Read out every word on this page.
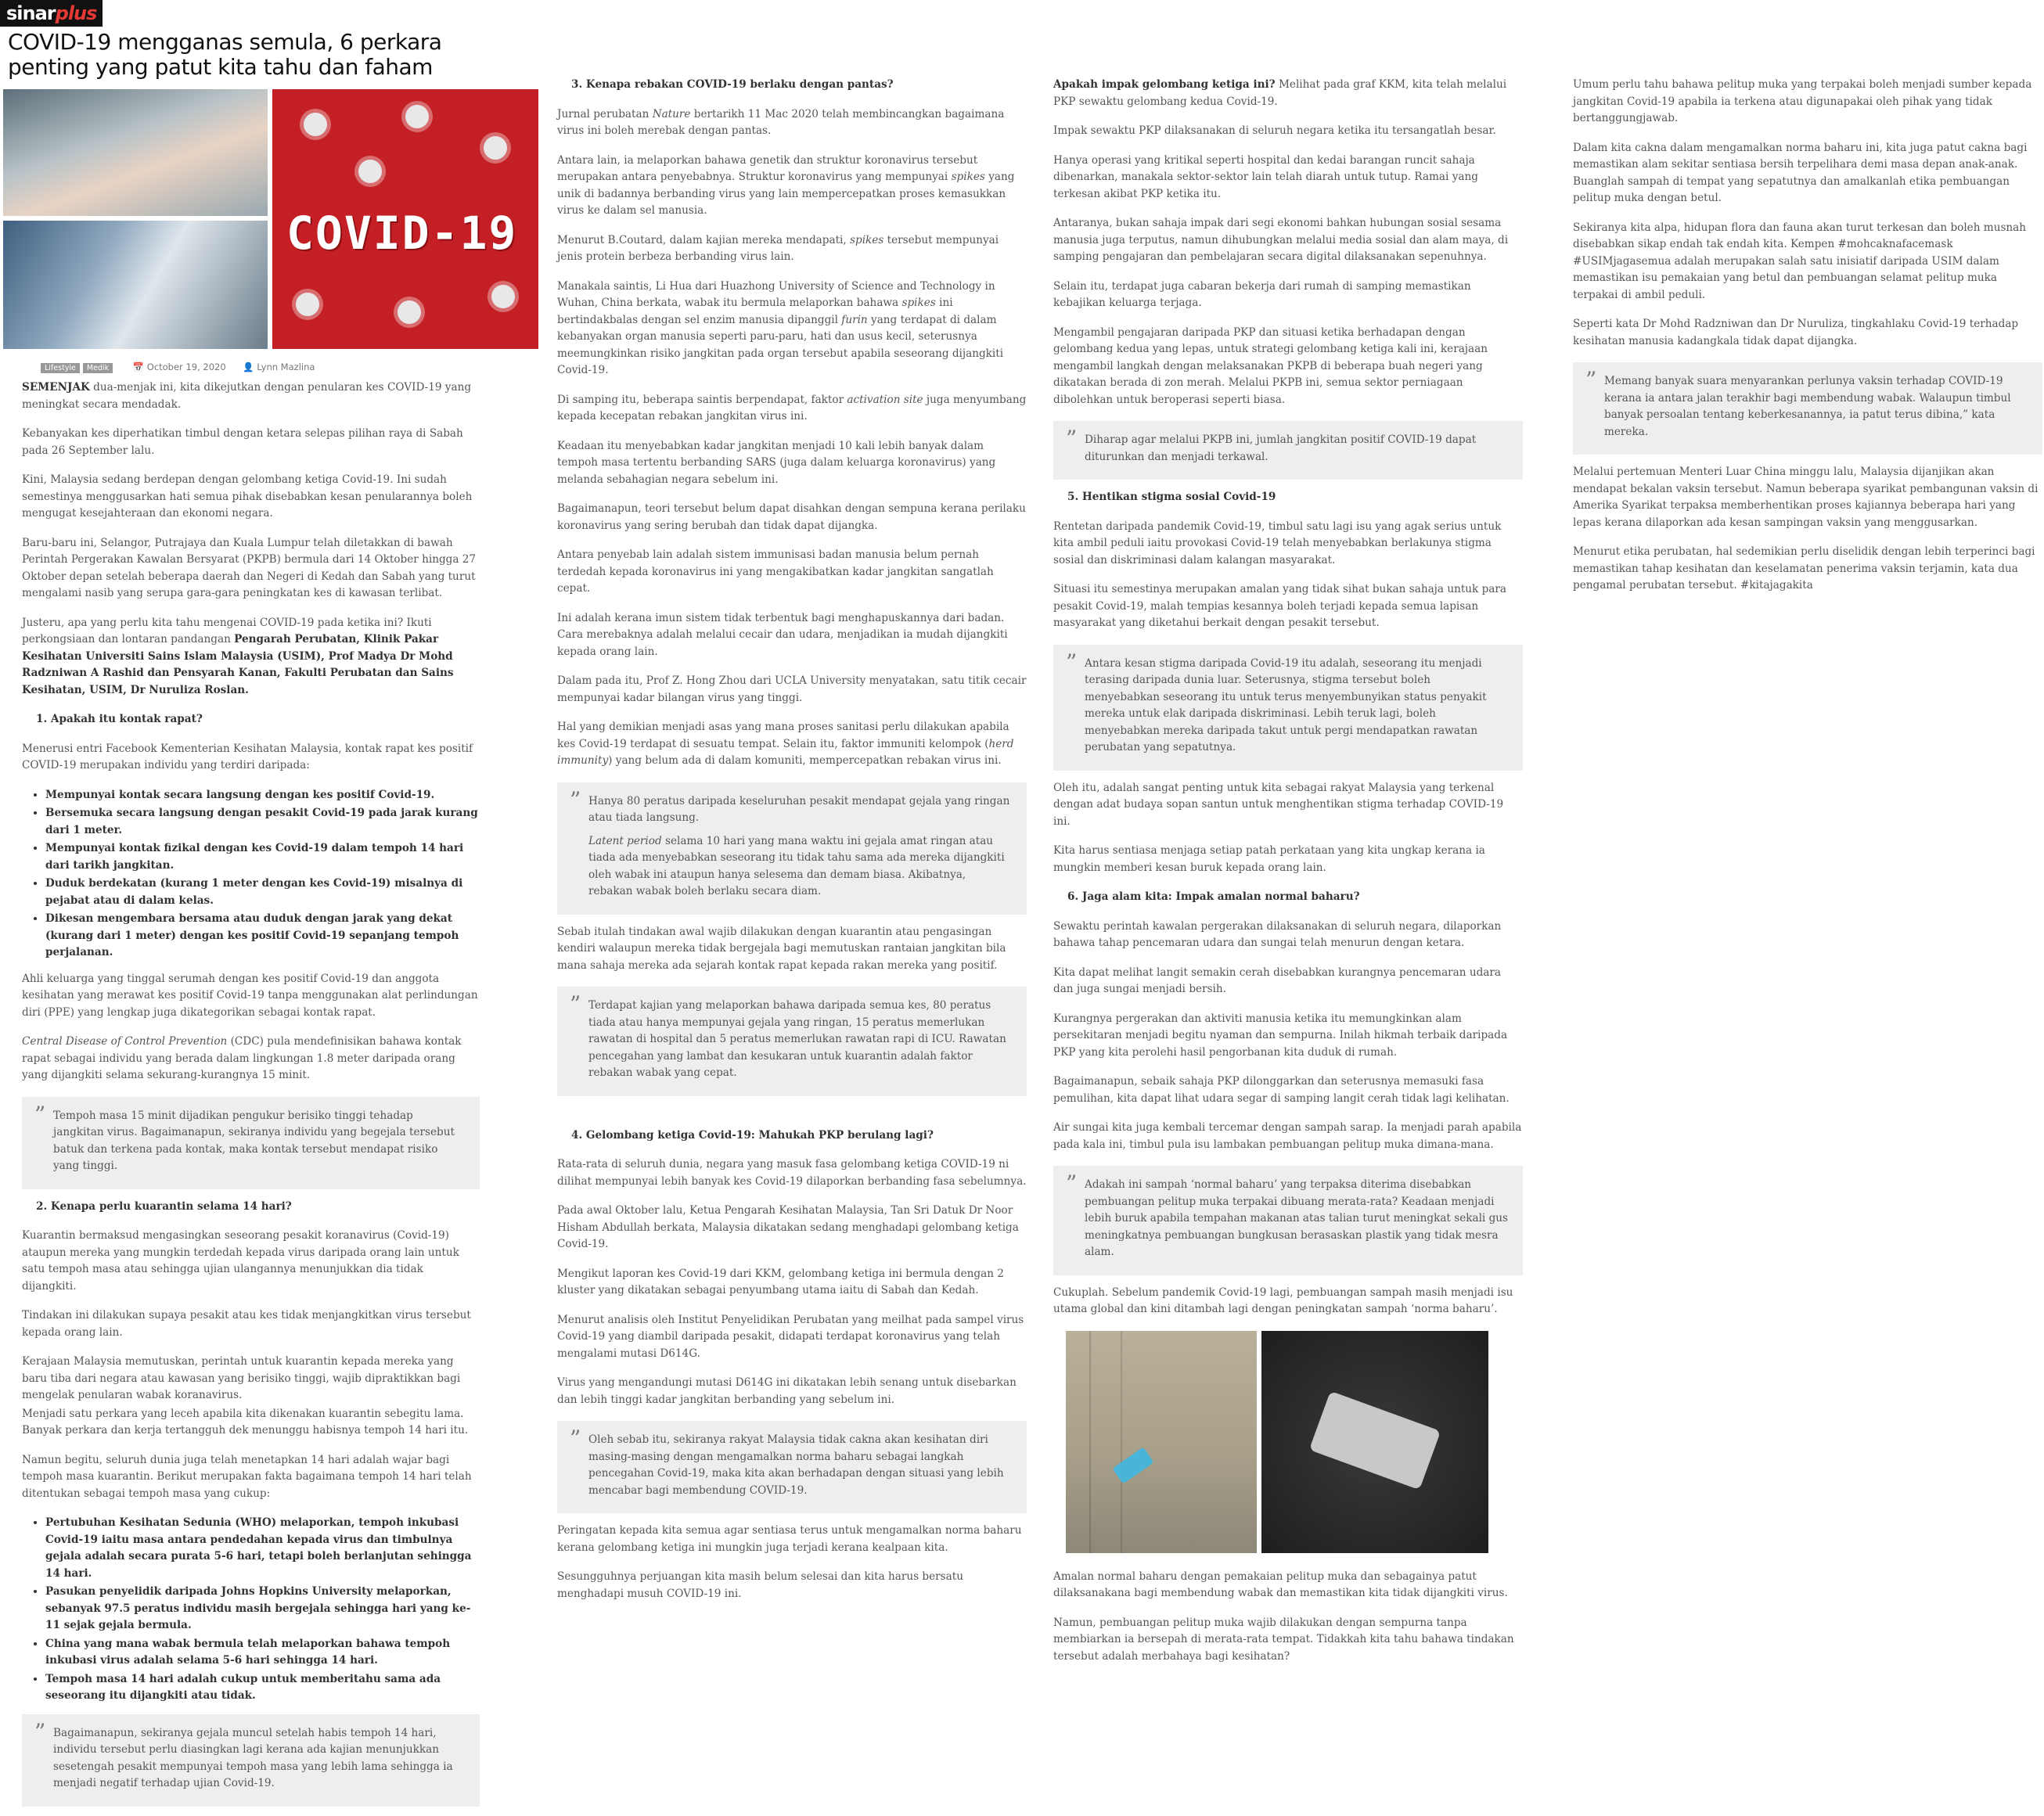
sinarplus
COVID-19 mengganas semula, 6 perkara penting yang patut kita tahu dan faham
COVID-19
Lifestyle Medik	📅 October 19, 2020 👤 Lynn Mazlina

SEMENJAK dua-menjak ini, kita dikejutkan dengan penularan kes COVID-19 yang meningkat secara mendadak.

Kebanyakan kes diperhatikan timbul dengan ketara selepas pilihan raya di Sabah pada 26 September lalu.

Kini, Malaysia sedang berdepan dengan gelombang ketiga Covid-19. Ini sudah semestinya menggusarkan hati semua pihak disebabkan kesan penularannya boleh mengugat kesejahteraan dan ekonomi negara.

Baru-baru ini, Selangor, Putrajaya dan Kuala Lumpur telah diletakkan di bawah Perintah Pergerakan Kawalan Bersyarat (PKPB) bermula dari 14 Oktober hingga 27 Oktober depan setelah beberapa daerah dan Negeri di Kedah dan Sabah yang turut mengalami nasib yang serupa gara-gara peningkatan kes di kawasan terlibat.

Justeru, apa yang perlu kita tahu mengenai COVID-19 pada ketika ini? Ikuti perkongsiaan dan lontaran pandangan Pengarah Perubatan, Klinik Pakar Kesihatan Universiti Sains Islam Malaysia (USIM), Prof Madya Dr Mohd Radzniwan A Rashid dan Pensyarah Kanan, Fakulti Perubatan dan Sains Kesihatan, USIM, Dr Nuruliza Roslan.

1. Apakah itu kontak rapat?

Menerusi entri Facebook Kementerian Kesihatan Malaysia, kontak rapat kes positif COVID-19 merupakan individu yang terdiri daripada:

• Mempunyai kontak secara langsung dengan kes positif Covid-19.
• Bersemuka secara langsung dengan pesakit Covid-19 pada jarak kurang dari 1 meter.
• Mempunyai kontak fizikal dengan kes Covid-19 dalam tempoh 14 hari dari tarikh jangkitan.
• Duduk berdekatan (kurang 1 meter dengan kes Covid-19) misalnya di pejabat atau di dalam kelas.
• Dikesan mengembara bersama atau duduk dengan jarak yang dekat (kurang dari 1 meter) dengan kes positif Covid-19 sepanjang tempoh perjalanan.

Ahli keluarga yang tinggal serumah dengan kes positif Covid-19 dan anggota kesihatan yang merawat kes positif Covid-19 tanpa menggunakan alat perlindungan diri (PPE) yang lengkap juga dikategorikan sebagai kontak rapat.

Central Disease of Control Prevention (CDC) pula mendefinisikan bahawa kontak rapat sebagai individu yang berada dalam lingkungan 1.8 meter daripada orang yang dijangkiti selama sekurang-kurangnya 15 minit.

” Tempoh masa 15 minit dijadikan pengukur berisiko tinggi tehadap jangkitan virus. Bagaimanapun, sekiranya individu yang begejala tersebut batuk dan terkena pada kontak, maka kontak tersebut mendapat risiko yang tinggi.

2. Kenapa perlu kuarantin selama 14 hari?

Kuarantin bermaksud mengasingkan seseorang pesakit koranavirus (Covid-19) ataupun mereka yang mungkin terdedah kepada virus daripada orang lain untuk satu tempoh masa atau sehingga ujian ulangannya menunjukkan dia tidak dijangkiti.

Tindakan ini dilakukan supaya pesakit atau kes tidak menjangkitkan virus tersebut kepada orang lain.

Kerajaan Malaysia memutuskan, perintah untuk kuarantin kepada mereka yang baru tiba dari negara atau kawasan yang berisiko tinggi, wajib dipraktikkan bagi mengelak penularan wabak koranavirus.

Menjadi satu perkara yang leceh apabila kita dikenakan kuarantin sebegitu lama. Banyak perkara dan kerja tertangguh dek menunggu habisnya tempoh 14 hari itu.

Namun begitu, seluruh dunia juga telah menetapkan 14 hari adalah wajar bagi tempoh masa kuarantin. Berikut merupakan fakta bagaimana tempoh 14 hari telah ditentukan sebagai tempoh masa yang cukup:

• Pertubuhan Kesihatan Sedunia (WHO) melaporkan, tempoh inkubasi Covid-19 iaitu masa antara pendedahan kepada virus dan timbulnya gejala adalah secara purata 5-6 hari, tetapi boleh berlanjutan sehingga 14 hari.
• Pasukan penyelidik daripada Johns Hopkins University melaporkan, sebanyak 97.5 peratus individu masih bergejala sehingga hari yang ke-11 sejak gejala bermula.
• China yang mana wabak bermula telah melaporkan bahawa tempoh inkubasi virus adalah selama 5-6 hari sehingga 14 hari.
• Tempoh masa 14 hari adalah cukup untuk memberitahu sama ada seseorang itu dijangkiti atau tidak.

” Bagaimanapun, sekiranya gejala muncul setelah habis tempoh 14 hari, individu tersebut perlu diasingkan lagi kerana ada kajian menunjukkan sesetengah pesakit mempunyai tempoh masa yang lebih lama sehingga ia menjadi negatif terhadap ujian Covid-19.

3. Kenapa rebakan COVID-19 berlaku dengan pantas?

Jurnal perubatan Nature bertarikh 11 Mac 2020 telah membincangkan bagaimana virus ini boleh merebak dengan pantas.

Antara lain, ia melaporkan bahawa genetik dan struktur koronavirus tersebut merupakan antara penyebabnya. Struktur koronavirus yang mempunyai spikes yang unik di badannya berbanding virus yang lain mempercepatkan proses kemasukkan virus ke dalam sel manusia.

Menurut B.Coutard, dalam kajian mereka mendapati, spikes tersebut mempunyai jenis protein berbeza berbanding virus lain.

Manakala saintis, Li Hua dari Huazhong University of Science and Technology in Wuhan, China berkata, wabak itu bermula melaporkan bahawa spikes ini bertindakbalas dengan sel enzim manusia dipanggil furin yang terdapat di dalam kebanyakan organ manusia seperti paru-paru, hati dan usus kecil, seterusnya meemungkinkan risiko jangkitan pada organ tersebut apabila seseorang dijangkiti Covid-19.

Di samping itu, beberapa saintis berpendapat, faktor activation site juga menyumbang kepada kecepatan rebakan jangkitan virus ini.

Keadaan itu menyebabkan kadar jangkitan menjadi 10 kali lebih banyak dalam tempoh masa tertentu berbanding SARS (juga dalam keluarga koronavirus) yang melanda sebahagian negara sebelum ini.

Bagaimanapun, teori tersebut belum dapat disahkan dengan sempuna kerana perilaku koronavirus yang sering berubah dan tidak dapat dijangka.

Antara penyebab lain adalah sistem immunisasi badan manusia belum pernah terdedah kepada koronavirus ini yang mengakibatkan kadar jangkitan sangatlah cepat.

Ini adalah kerana imun sistem tidak terbentuk bagi menghapuskannya dari badan. Cara merebaknya adalah melalui cecair dan udara, menjadikan ia mudah dijangkiti kepada orang lain.

Dalam pada itu, Prof Z. Hong Zhou dari UCLA University menyatakan, satu titik cecair mempunyai kadar bilangan virus yang tinggi.

Hal yang demikian menjadi asas yang mana proses sanitasi perlu dilakukan apabila kes Covid-19 terdapat di sesuatu tempat. Selain itu, faktor immuniti kelompok (herd immunity) yang belum ada di dalam komuniti, mempercepatkan rebakan virus ini.

” Hanya 80 peratus daripada keseluruhan pesakit mendapat gejala yang ringan atau tiada langsung.

Latent period selama 10 hari yang mana waktu ini gejala amat ringan atau tiada ada menyebabkan seseorang itu tidak tahu sama ada mereka dijangkiti oleh wabak ini ataupun hanya selesema dan demam biasa. Akibatnya, rebakan wabak boleh berlaku secara diam.

Sebab itulah tindakan awal wajib dilakukan dengan kuarantin atau pengasingan kendiri walaupun mereka tidak bergejala bagi memutuskan rantaian jangkitan bila mana sahaja mereka ada sejarah kontak rapat kepada rakan mereka yang positif.

” Terdapat kajian yang melaporkan bahawa daripada semua kes, 80 peratus tiada atau hanya mempunyai gejala yang ringan, 15 peratus memerlukan rawatan di hospital dan 5 peratus memerlukan rawatan rapi di ICU. Rawatan pencegahan yang lambat dan kesukaran untuk kuarantin adalah faktor rebakan wabak yang cepat.

4. Gelombang ketiga Covid-19: Mahukah PKP berulang lagi?

Rata-rata di seluruh dunia, negara yang masuk fasa gelombang ketiga COVID-19 ni dilihat mempunyai lebih banyak kes Covid-19 dilaporkan berbanding fasa sebelumnya.

Pada awal Oktober lalu, Ketua Pengarah Kesihatan Malaysia, Tan Sri Datuk Dr Noor Hisham Abdullah berkata, Malaysia dikatakan sedang menghadapi gelombang ketiga Covid-19.

Mengikut laporan kes Covid-19 dari KKM, gelombang ketiga ini bermula dengan 2 kluster yang dikatakan sebagai penyumbang utama iaitu di Sabah dan Kedah.

Menurut analisis oleh Institut Penyelidikan Perubatan yang meilhat pada sampel virus Covid-19 yang diambil daripada pesakit, didapati terdapat koronavirus yang telah mengalami mutasi D614G.

Virus yang mengandungi mutasi D614G ini dikatakan lebih senang untuk disebarkan dan lebih tinggi kadar jangkitan berbanding yang sebelum ini.

” Oleh sebab itu, sekiranya rakyat Malaysia tidak cakna akan kesihatan diri masing-masing dengan mengamalkan norma baharu sebagai langkah pencegahan Covid-19, maka kita akan berhadapan dengan situasi yang lebih mencabar bagi membendung COVID-19.

Peringatan kepada kita semua agar sentiasa terus untuk mengamalkan norma baharu kerana gelombang ketiga ini mungkin juga terjadi kerana kealpaan kita.

Sesungguhnya perjuangan kita masih belum selesai dan kita harus bersatu menghadapi musuh COVID-19 ini.

Apakah impak gelombang ketiga ini? Melihat pada graf KKM, kita telah melalui PKP sewaktu gelombang kedua Covid-19.

Impak sewaktu PKP dilaksanakan di seluruh negara ketika itu tersangatlah besar.

Hanya operasi yang kritikal seperti hospital dan kedai barangan runcit sahaja dibenarkan, manakala sektor-sektor lain telah diarah untuk tutup. Ramai yang terkesan akibat PKP ketika itu.

Antaranya, bukan sahaja impak dari segi ekonomi bahkan hubungan sosial sesama manusia juga terputus, namun dihubungkan melalui media sosial dan alam maya, di samping pengajaran dan pembelajaran secara digital dilaksanakan sepenuhnya.

Selain itu, terdapat juga cabaran bekerja dari rumah di samping memastikan kebajikan keluarga terjaga.

Mengambil pengajaran daripada PKP dan situasi ketika berhadapan dengan gelombang kedua yang lepas, untuk strategi gelombang ketiga kali ini, kerajaan mengambil langkah dengan melaksanakan PKPB di beberapa buah negeri yang dikatakan berada di zon merah. Melalui PKPB ini, semua sektor perniagaan dibolehkan untuk beroperasi seperti biasa.

” Diharap agar melalui PKPB ini, jumlah jangkitan positif COVID-19 dapat diturunkan dan menjadi terkawal.

5. Hentikan stigma sosial Covid-19

Rentetan daripada pandemik Covid-19, timbul satu lagi isu yang agak serius untuk kita ambil peduli iaitu provokasi Covid-19 telah menyebabkan berlakunya stigma sosial dan diskriminasi dalam kalangan masyarakat.

Situasi itu semestinya merupakan amalan yang tidak sihat bukan sahaja untuk para pesakit Covid-19, malah tempias kesannya boleh terjadi kepada semua lapisan masyarakat yang diketahui berkait dengan pesakit tersebut.

” Antara kesan stigma daripada Covid-19 itu adalah, seseorang itu menjadi terasing daripada dunia luar. Seterusnya, stigma tersebut boleh menyebabkan seseorang itu untuk terus menyembunyikan status penyakit mereka untuk elak daripada diskriminasi. Lebih teruk lagi, boleh menyebabkan mereka daripada takut untuk pergi mendapatkan rawatan perubatan yang sepatutnya.

Oleh itu, adalah sangat penting untuk kita sebagai rakyat Malaysia yang terkenal dengan adat budaya sopan santun untuk menghentikan stigma terhadap COVID-19 ini.

Kita harus sentiasa menjaga setiap patah perkataan yang kita ungkap kerana ia mungkin memberi kesan buruk kepada orang lain.

6. Jaga alam kita: Impak amalan normal baharu?

Sewaktu perintah kawalan pergerakan dilaksanakan di seluruh negara, dilaporkan bahawa tahap pencemaran udara dan sungai telah menurun dengan ketara.

Kita dapat melihat langit semakin cerah disebabkan kurangnya pencemaran udara dan juga sungai menjadi bersih.

Kurangnya pergerakan dan aktiviti manusia ketika itu memungkinkan alam persekitaran menjadi begitu nyaman dan sempurna. Inilah hikmah terbaik daripada PKP yang kita perolehi hasil pengorbanan kita duduk di rumah.

Bagaimanapun, sebaik sahaja PKP dilonggarkan dan seterusnya memasuki fasa pemulihan, kita dapat lihat udara segar di samping langit cerah tidak lagi kelihatan.

Air sungai kita juga kembali tercemar dengan sampah sarap. Ia menjadi parah apabila pada kala ini, timbul pula isu lambakan pembuangan pelitup muka dimana-mana.

” Adakah ini sampah ‘normal baharu’ yang terpaksa diterima disebabkan pembuangan pelitup muka terpakai dibuang merata-rata? Keadaan menjadi lebih buruk apabila tempahan makanan atas talian turut meningkat sekali gus meningkatnya pembuangan bungkusan berasaskan plastik yang tidak mesra alam.

Cukuplah. Sebelum pandemik Covid-19 lagi, pembuangan sampah masih menjadi isu utama global dan kini ditambah lagi dengan peningkatan sampah ‘norma baharu’.

Amalan normal baharu dengan pemakaian pelitup muka dan sebagainya patut dilaksanakana bagi membendung wabak dan memastikan kita tidak dijangkiti virus.

Namun, pembuangan pelitup muka wajib dilakukan dengan sempurna tanpa membiarkan ia bersepah di merata-rata tempat. Tidakkah kita tahu bahawa tindakan tersebut adalah merbahaya bagi kesihatan?

Umum perlu tahu bahawa pelitup muka yang terpakai boleh menjadi sumber kepada jangkitan Covid-19 apabila ia terkena atau digunapakai oleh pihak yang tidak bertanggungjawab.

Dalam kita cakna dalam mengamalkan norma baharu ini, kita juga patut cakna bagi memastikan alam sekitar sentiasa bersih terpelihara demi masa depan anak-anak. Buanglah sampah di tempat yang sepatutnya dan amalkanlah etika pembuangan pelitup muka dengan betul.

Sekiranya kita alpa, hidupan flora dan fauna akan turut terkesan dan boleh musnah disebabkan sikap endah tak endah kita. Kempen #mohcaknafacemask #USIMjagasemua adalah merupakan salah satu inisiatif daripada USIM dalam memastikan isu pemakaian yang betul dan pembuangan selamat pelitup muka terpakai di ambil peduli.

Seperti kata Dr Mohd Radzniwan dan Dr Nuruliza, tingkahlaku Covid-19 terhadap kesihatan manusia kadangkala tidak dapat dijangka.

” Memang banyak suara menyarankan perlunya vaksin terhadap COVID-19 kerana ia antara jalan terakhir bagi membendung wabak. Walaupun timbul banyak persoalan tentang keberkesanannya, ia patut terus dibina,” kata mereka.

Melalui pertemuan Menteri Luar China minggu lalu, Malaysia dijanjikan akan mendapat bekalan vaksin tersebut. Namun beberapa syarikat pembangunan vaksin di Amerika Syarikat terpaksa memberhentikan proses kajiannya beberapa hari yang lepas kerana dilaporkan ada kesan sampingan vaksin yang menggusarkan.

Menurut etika perubatan, hal sedemikian perlu diselidik dengan lebih terperinci bagi memastikan tahap kesihatan dan keselamatan penerima vaksin terjamin, kata dua pengamal perubatan tersebut. #kitajagakita
